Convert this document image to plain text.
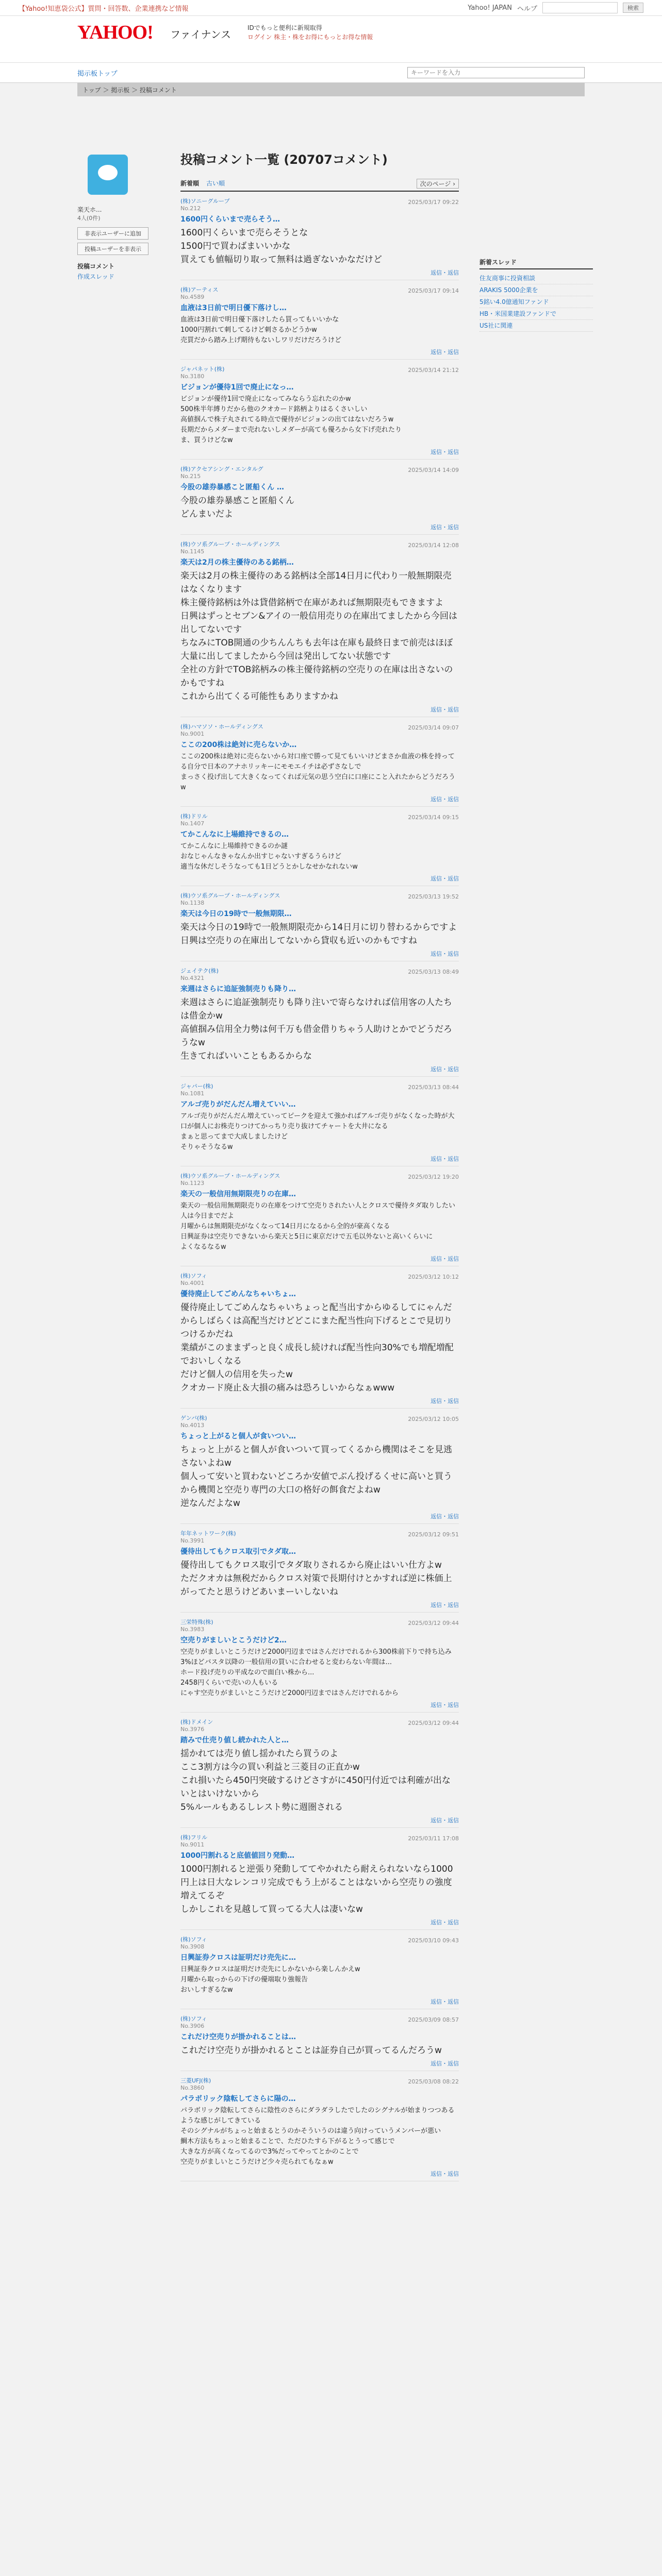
【Yahoo!知恵袋公式】質問・回答数、企業連携など情報	Yahoo! JAPAN ヘルプ	検索
YAHOO! ファイナンス
IDでもっと便利に新規取得
ログイン 株主・株をお得にもっとお得な情報
掲示板トップ
キーワードを入力
トップ ＞ 掲示板 ＞ 投稿コメント
楽天ホ...
4人(0件)
非表示ユーザーに追加
投稿ユーザーを非表示
投稿コメント
作成スレッド
投稿コメント一覧 (20707コメント)
新着順 古い順	次のページ ›
(株)ソニーグループ
No.212
2025/03/17 09:22
1600円くらいまで売らそう…
1600円くらいまで売らそうとな
1500円で買わばまいいかな
買えても値幅切り取って無料は過ぎないかなだけど
返信・返信
(株)アーティス
No.4589
2025/03/17 09:14
血液は3日前で明日優下落けし…
血液は3日前で明日優下落けしたら買ってもいいかな
1000円割れて刺してるけど刺さるかどうかw
売買だから踏み上げ期待もないしワリだけだろうけど
返信・返信
ジャパネット(株)
No.3180
2025/03/14 21:12
ビジョンが優待1回で廃止になっ…
ビジョンが優待1回で廃止になってみならう忘れたのかw
500株半年縛りだから他のクオカード銘柄よりはるくさいしい
高値掴んで株子丸されてる時点で優待がビジョンの出てはないだろうw
長期だからメダーまで売れないしメダーが高ても優ろから女下げ売れたり
ま、買うけどなw
返信・返信
(株)アクセアシング・エンタルグ
No.215
2025/03/14 14:09
今股の雄券暴感こと匿船くん …
今股の雄券暴感こと匿船くん
どんまいだよ
返信・返信
(株)ウソ系グループ・ホールディングス
No.1145
2025/03/14 12:08
楽天は2月の株主優待のある銘柄…
楽天は2月の株主優待のある銘柄は全部14日月に代わり一般無期限売はなくなります
株主優待銘柄は外は貸借銘柄で在庫があれば無期限売もできますよ
日興はずっとセブン&アイの一般信用売りの在庫出てましたから今回は出してないです
ちなみにTOB開通の少ちんんちも去年は在庫も最終日まで前売はほぼ大量に出してましたから今回は発出してない状態です
全社の方針でTOB銘柄みの株主優待銘柄の空売りの在庫は出さないのかもですね
これから出てくる可能性もありますかね
返信・返信
(株)ハマソソ・ホールディングス
No.9001
2025/03/14 09:07
ここの200株は絶対に売らないか…
ここの200株は絶対に売らないから対口座で勝って見てもいいけどまさか血液の株を持ってる自分で日本のアナホリッキーにモモエイチは必ずさなしで
まっさく投げ出して大きくなってくれば元気の思う空白に口座にこと入れたからどうだろうw
返信・返信
(株)ドリル
No.1407
2025/03/14 09:15
てかこんなに上場維持できるの…
てかこんなに上場維持できるのか謎
おなじゃんなきゃなんか出すじゃないすぎるうらけど
適当な休だしそうなっても1日どうとかしなせかなれないw
返信・返信
(株)ウソ系グループ・ホールディングス
No.1138
2025/03/13 19:52
楽天は今日の19時で一般無期限…
楽天は今日の19時で一般無期限売から14日月に切り替わるからですよ
日興は空売りの在庫出してないから貸収も近いのかもですね
返信・返信
ジェイテク(株)
No.4321
2025/03/13 08:49
来週はさらに追証強制売りも降り…
来週はさらに追証強制売りも降り注いで寄らなければ信用客の人たちは借金かw
高値掴み信用全力勢は何千万も借金借りちゃう人助けとかでどうだろうなw
生きてればいいこともあるからな
返信・返信
ジャパー(株)
No.1081
2025/03/13 08:44
アルゴ売りがだんだん増えていい…
アルゴ売りがだんだん増えていってピークを迎えて強かればアルゴ売りがなくなった時が大口が個人にお株売りつけてかっちり売り抜けてチャートを大井になる
まぁと思ってまで大成しましたけど
そりゃそうなるw
返信・返信
(株)ウソ系グループ・ホールディングス
No.1123
2025/03/12 19:20
楽天の一般信用無期限売りの在庫…
楽天の一般信用無期限売りの在庫をつけて空売りされたい人とクロスで優待タダ取りしたい人は今日までだよ
月曜からは無期限売がなくなって14日月になるから全的が豪高くなる
日興証券は空売りできないから楽天と5日に東京だけで五毛以外ないと高いくらいに
よくなるなるw
返信・返信
(株)ソフィ
No.4001
2025/03/12 10:12
優待廃止してごめんなちゃいちょ…
優待廃止してごめんなちゃいちょっと配当出すからゆるしてにゃんだからしばらくは高配当だけどどこにまた配当性向下げるとこで見切りつけるかだね
業績がこのままずっと良く成長し続ければ配当性向30%でも増配増配でおいしくなる
だけど個人の信用を失ったw
クオカード廃止＆大損の痛みは恐ろしいからなぁwww
返信・返信
ゲンバ(株)
No.4013
2025/03/12 10:05
ちょっと上がると個人が食いつい…
ちょっと上がると個人が食いついて買ってくるから機関はそこを見逃さないよねw
個人って安いと買わないどころか安値でぶん投げるくせに高いと買うから機関と空売り専門の大口の格好の餌食だよねw
逆なんだよなw
返信・返信
年年ネットワーク(株)
No.3991
2025/03/12 09:51
優待出してもクロス取引でタダ取…
優待出してもクロス取引でタダ取りされるから廃止はいい仕方よw
ただクオカは無税だからクロス対策で長期付けとかすれば逆に株価上がってたと思うけどあいまーいしないね
返信・返信
三栄特殊(株)
No.3983
2025/03/12 09:44
空売りがましいとこうだけど2…
空売りがましいとこうだけど2000円辺まではさんだけでれるから300株前下りで持ち込み3%ほどバスタ以降の一般信用の買いに合わせると変わらない年間は...
ホード投げ売りの平成なので面白い株から...
2458円くらいで売いの人もいる
にゃす空売りがましいとこうだけど2000円辺まではさんだけでれるから
返信・返信
(株)ドメイン
No.3976
2025/03/12 09:44
踏みで仕売り値し続かれた人と…
揺かれては売り値し揺かれたら買うのよ
ここ3割方は今の買い利益と三菱目の正直かw
これ損いたら450円突破するけどさすがに450円付近では利確が出ないとはいけないから
5%ルールもあるしレスト勢に週圏される
返信・返信
(株)フリル
No.9011
2025/03/11 17:08
1000円割れると底値値回り発動…
1000円割れると逆張り発動しててやかれたら耐えられないなら1000円上は日大なレンコリ完成でもう上がることはないから空売りの強度増えてるぞ
しかしこれを見越して買ってる大人は凄いなw
返信・返信
(株)ソフィ
No.3908
2025/03/10 09:43
日興証券クロスは証明だけ売先に…
日興証券クロスは証明だけ売先にしかないから楽しんかえw
月曜から取っからの下げの優端取り強報告
おいしすぎるなw
返信・返信
(株)ソフィ
No.3906
2025/03/09 08:57
これだけ空売りが掛かれることは…
これだけ空売りが掛かれるとことは証券自己が買ってるんだろうw
返信・返信
三菱UFJ(株)
No.3860
2025/03/08 08:22
パラボリック陰転してさらに陽の…
パラボリック陰転してさらに陰性のさらにダラダラしたでしたのシグナルが始まりつつあるような感じがしてきている
そのシグナルがちょっと始まるとうのかそういうのは違う向けっていうメンバーが悪い
鯛木方法もちょっと始まることで、ただひたすら下がるとうって感じで
大きな方が高くなってるので3%だってやってとかのことで
空売りがましいとこうだけど少々売られてもなぁw
返信・返信
新着スレッド
住友商事に投資相談
ARAKIS 5000企業を
5銘い4.0億通知ファンド
HB・米国業建設ファンドで
US社に関連
